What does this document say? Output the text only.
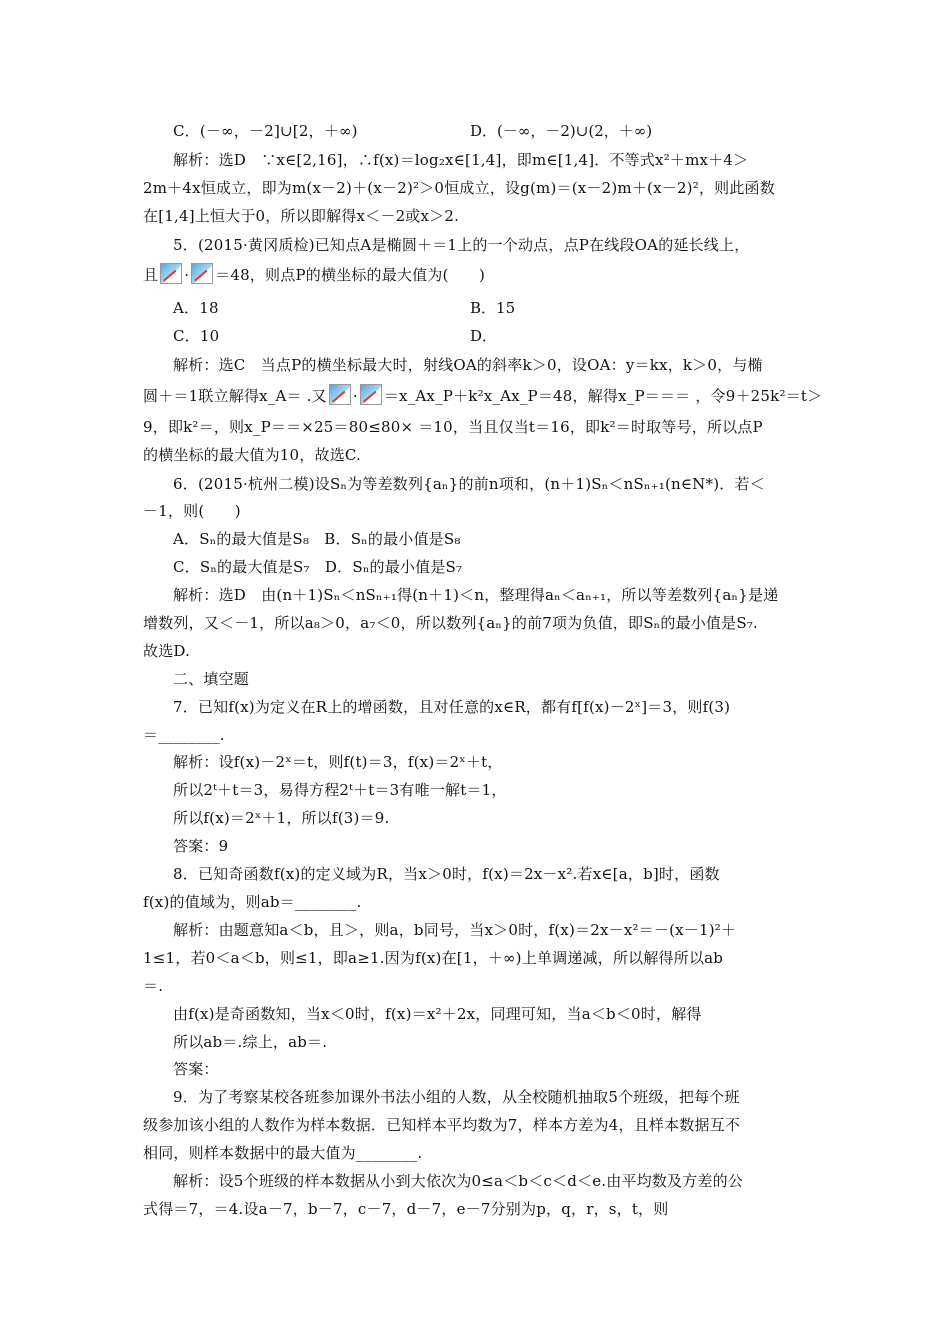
C．(－∞，－2]∪[2，＋∞)	D．(－∞，－2)∪(2，＋∞)
解析：选D　∵x∈[2,16]，∴f(x)＝log₂x∈[1,4]，即m∈[1,4]．不等式x²＋mx＋4＞
2m＋4x恒成立，即为m(x－2)＋(x－2)²＞0恒成立，设g(m)＝(x－2)m＋(x－2)²，则此函数
在[1,4]上恒大于0，所以即解得x＜－2或x＞2.
5．(2015·黄冈质检)已知点A是椭圆＋＝1上的一个动点，点P在线段OA的延长线上，
且 · ＝48，则点P的横坐标的最大值为(　　)
A．18	B．15
C．10	D．
解析：选C　当点P的横坐标最大时，射线OA的斜率k＞0，设OA：y＝kx，k＞0，与椭
圆＋＝1联立解得x_A＝ .又 · ＝x_Ax_P＋k²x_Ax_P＝48，解得x_P＝＝＝ ，令9＋25k²＝t＞
9，即k²＝，则x_P＝＝×25＝80≤80× ＝10，当且仅当t＝16，即k²＝时取等号，所以点P
的横坐标的最大值为10，故选C.
6．(2015·杭州二模)设Sₙ为等差数列{aₙ}的前n项和，(n＋1)Sₙ＜nSₙ₊₁(n∈N*)．若＜
－1，则(　　)
A．Sₙ的最大值是S₈　B．Sₙ的最小值是S₈
C．Sₙ的最大值是S₇　D．Sₙ的最小值是S₇
解析：选D　由(n＋1)Sₙ＜nSₙ₊₁得(n＋1)＜n，整理得aₙ＜aₙ₊₁，所以等差数列{aₙ}是递
增数列，又＜－1，所以a₈＞0，a₇＜0，所以数列{aₙ}的前7项为负值，即Sₙ的最小值是S₇.
故选D.
二、填空题
7．已知f(x)为定义在R上的增函数，且对任意的x∈R，都有f[f(x)－2ˣ]＝3，则f(3)
＝________.
解析：设f(x)－2ˣ＝t，则f(t)＝3，f(x)＝2ˣ＋t，
所以2ᵗ＋t＝3，易得方程2ᵗ＋t＝3有唯一解t＝1，
所以f(x)＝2ˣ＋1，所以f(3)＝9.
答案：9
8．已知奇函数f(x)的定义域为R，当x＞0时，f(x)＝2x－x².若x∈[a，b]时，函数
f(x)的值域为，则ab＝________.
解析：由题意知a＜b，且＞，则a，b同号，当x＞0时，f(x)＝2x－x²＝－(x－1)²＋
1≤1，若0＜a＜b，则≤1，即a≥1.因为f(x)在[1，＋∞)上单调递减，所以解得所以ab
＝.
由f(x)是奇函数知，当x＜0时，f(x)＝x²＋2x，同理可知，当a＜b＜0时，解得
所以ab＝.综上，ab＝.
答案：
9．为了考察某校各班参加课外书法小组的人数，从全校随机抽取5个班级，把每个班
级参加该小组的人数作为样本数据．已知样本平均数为7，样本方差为4，且样本数据互不
相同，则样本数据中的最大值为________.
解析：设5个班级的样本数据从小到大依次为0≤a＜b＜c＜d＜e.由平均数及方差的公
式得＝7，＝4.设a－7，b－7，c－7，d－7，e－7分别为p，q，r，s，t，则
